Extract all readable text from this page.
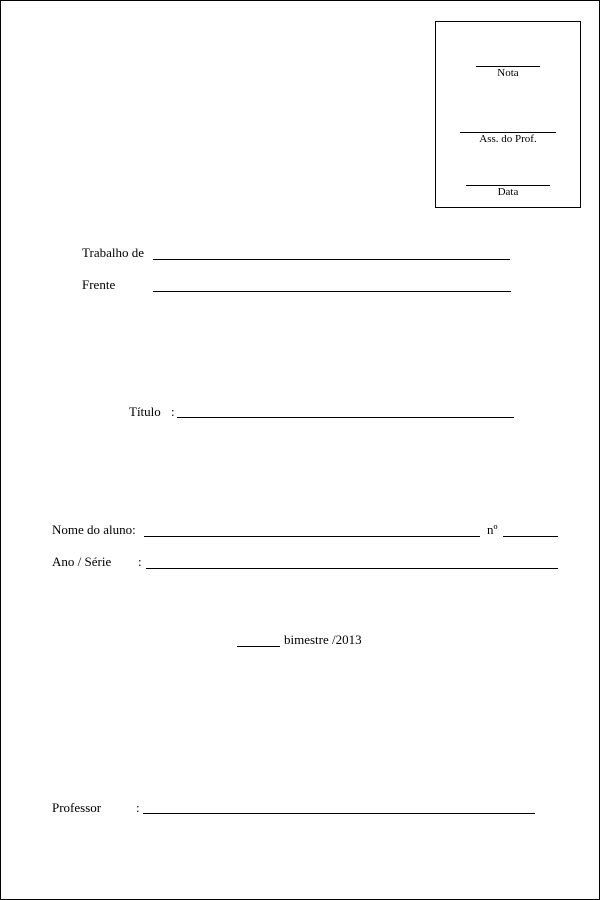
Nota
Ass. do Prof.
Data
Trabalho de
Frente
Título :
Nome do aluno:	nº
Ano / Série :
bimestre /2013
Professor	:
